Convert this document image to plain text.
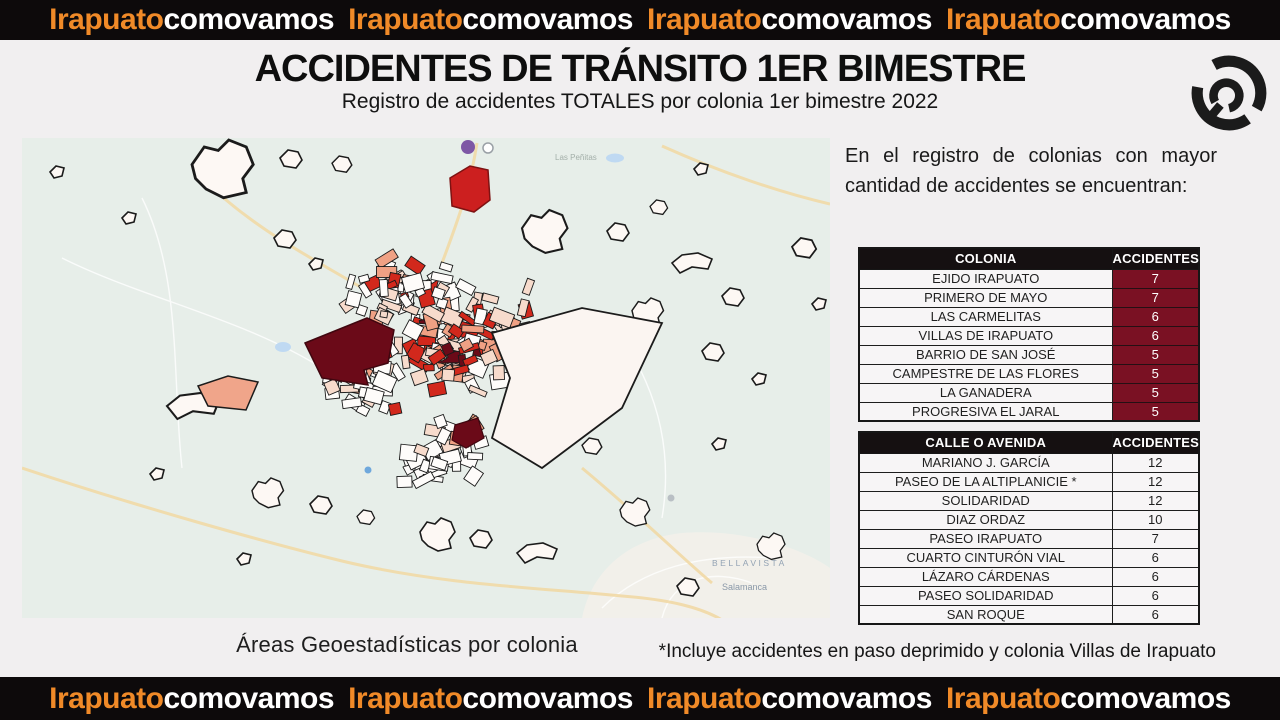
Irapuatocomovamos Irapuatocomovamos Irapuatocomovamos Irapuatocomovamos
ACCIDENTES DE TRÁNSITO 1ER BIMESTRE
Registro de accidentes TOTALES por colonia 1er bimestre 2022
Las Peñitas
BELLAVISTA
Salamanca
Áreas Geoestadísticas por colonia

En el registro de colonias con mayor cantidad de accidentes se encuentran:

COLONIA	ACCIDENTES
EJIDO IRAPUATO	7
PRIMERO DE MAYO	7
LAS CARMELITAS	6
VILLAS DE IRAPUATO	6
BARRIO DE SAN JOSÉ	5
CAMPESTRE DE LAS FLORES	5
LA GANADERA	5
PROGRESIVA EL JARAL	5
CALLE O AVENIDA	ACCIDENTES
MARIANO J. GARCÍA	12
PASEO DE LA ALTIPLANICIE *	12
SOLIDARIDAD	12
DIAZ ORDAZ	10
PASEO IRAPUATO	7
CUARTO CINTURÓN VIAL	6
LÁZARO CÁRDENAS	6
PASEO SOLIDARIDAD	6
SAN ROQUE	6

*Incluye accidentes en paso deprimido y colonia Villas de Irapuato

Irapuatocomovamos Irapuatocomovamos Irapuatocomovamos Irapuatocomovamos
